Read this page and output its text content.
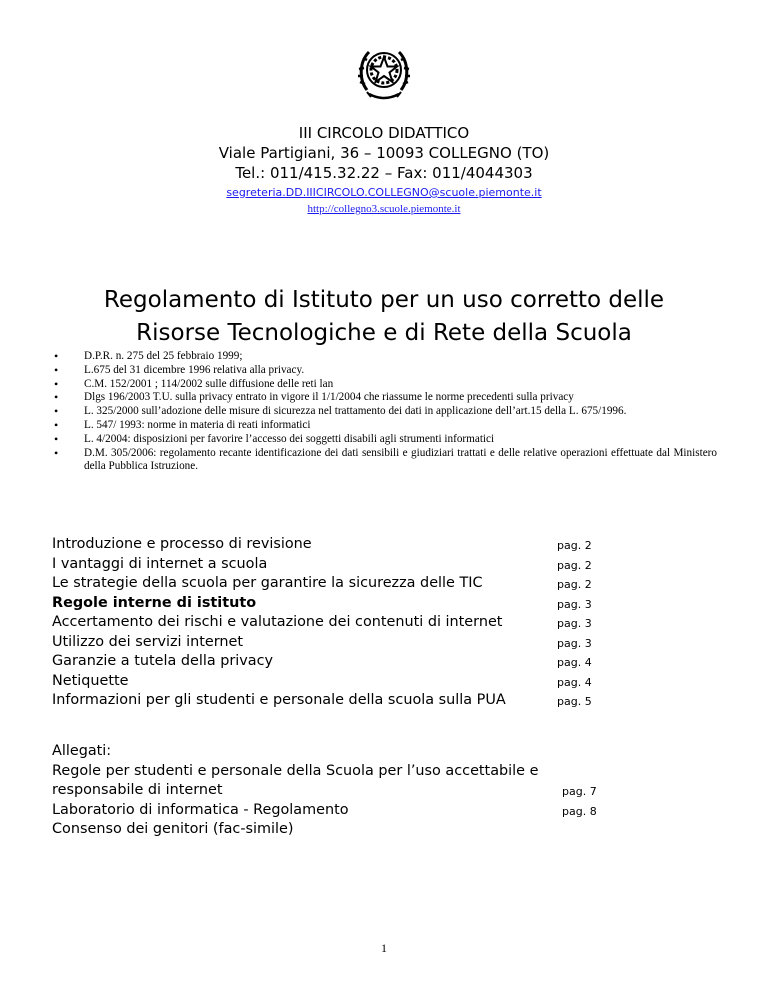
III CIRCOLO DIDATTICO
Viale Partigiani, 36 – 10093 COLLEGNO (TO)
Tel.: 011/415.32.22 – Fax: 011/4044303
segreteria.DD.IIICIRCOLO.COLLEGNO@scuole.piemonte.it
http://collegno3.scuole.piemonte.it
Regolamento di Istituto per un uso corretto delle
Risorse Tecnologiche e di Rete della Scuola
• D.P.R. n. 275 del 25 febbraio 1999;
• L.675 del 31 dicembre 1996 relativa alla privacy.
• C.M. 152/2001 ; 114/2002 sulle diffusione delle reti lan
• Dlgs 196/2003 T.U. sulla privacy entrato in vigore il 1/1/2004 che riassume le norme precedenti sulla privacy
• L. 325/2000 sull’adozione delle misure di sicurezza nel trattamento dei dati in applicazione dell’art.15 della L. 675/1996.
• L. 547/ 1993: norme in materia di reati informatici
• L. 4/2004: disposizioni per favorire l’accesso dei soggetti disabili agli strumenti informatici
• D.M. 305/2006: regolamento recante identificazione dei dati sensibili e giudiziari trattati e delle relative operazioni effettuate dal Ministero della Pubblica Istruzione.
Introduzione e processo di revisione	pag. 2
I vantaggi di internet a scuola	pag. 2
Le strategie della scuola per garantire la sicurezza delle TIC	pag. 2
Regole interne di istituto	pag. 3
Accertamento dei rischi e valutazione dei contenuti di internet	pag. 3
Utilizzo dei servizi internet	pag. 3
Garanzie a tutela della privacy	pag. 4
Netiquette	pag. 4
Informazioni per gli studenti e personale della scuola sulla PUA	pag. 5
Allegati:
Regole per studenti e personale della Scuola per l’uso accettabile e
responsabile di internet	pag. 7
Laboratorio di informatica - Regolamento	pag. 8
Consenso dei genitori (fac-simile)
1
